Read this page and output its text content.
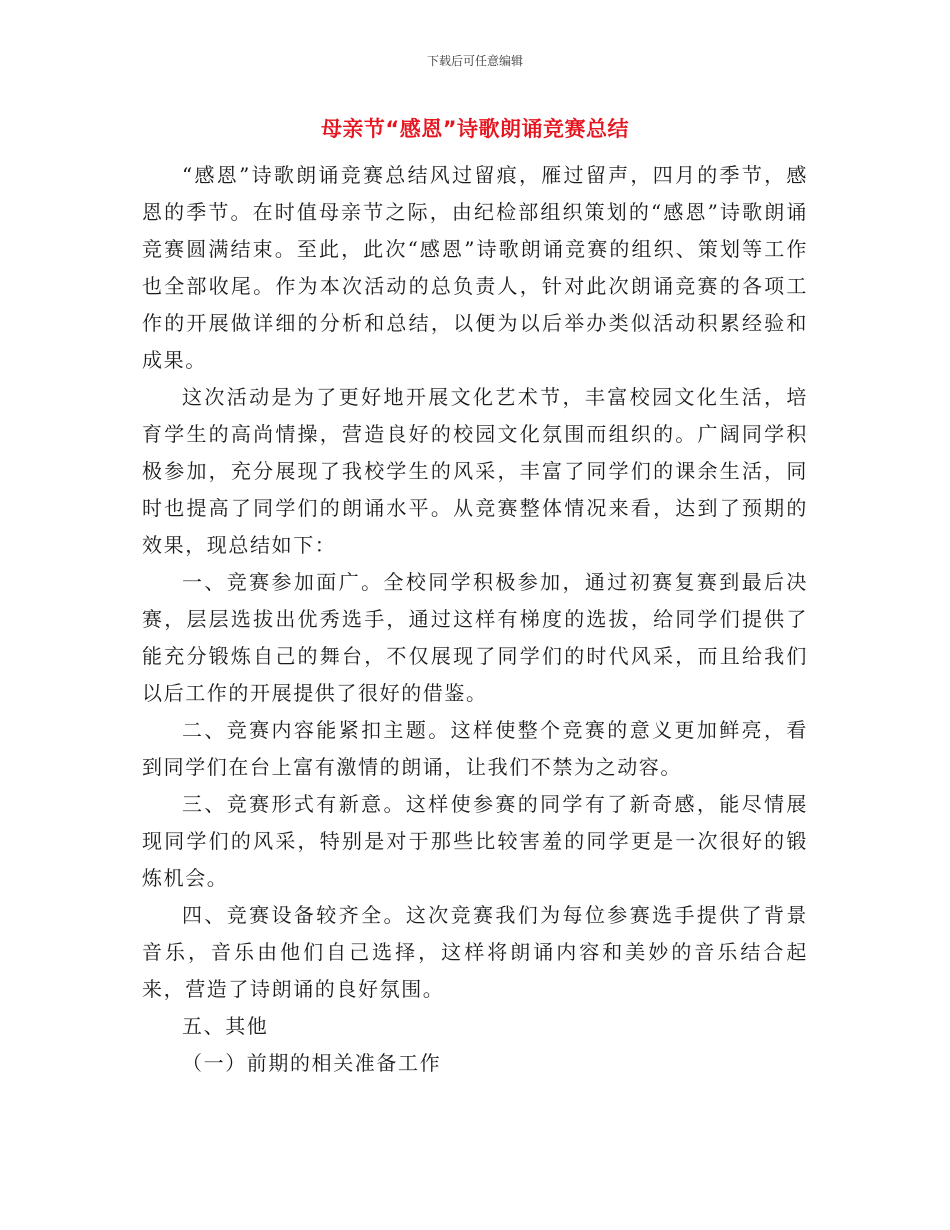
下载后可任意编辑
母亲节“感恩”诗歌朗诵竞赛总结

“感恩”诗歌朗诵竞赛总结风过留痕，雁过留声，四月的季节，感恩的季节。在时值母亲节之际，由纪检部组织策划的“感恩”诗歌朗诵竞赛圆满结束。至此，此次“感恩”诗歌朗诵竞赛的组织、策划等工作也全部收尾。作为本次活动的总负责人，针对此次朗诵竞赛的各项工作的开展做详细的分析和总结，以便为以后举办类似活动积累经验和成果。

这次活动是为了更好地开展文化艺术节，丰富校园文化生活，培育学生的高尚情操，营造良好的校园文化氛围而组织的。广阔同学积极参加，充分展现了我校学生的风采，丰富了同学们的课余生活，同时也提高了同学们的朗诵水平。从竞赛整体情况来看，达到了预期的效果，现总结如下：

一、竞赛参加面广。全校同学积极参加，通过初赛复赛到最后决赛，层层选拔出优秀选手，通过这样有梯度的选拔，给同学们提供了能充分锻炼自己的舞台，不仅展现了同学们的时代风采，而且给我们以后工作的开展提供了很好的借鉴。

二、竞赛内容能紧扣主题。这样使整个竞赛的意义更加鲜亮，看到同学们在台上富有激情的朗诵，让我们不禁为之动容。

三、竞赛形式有新意。这样使参赛的同学有了新奇感，能尽情展现同学们的风采，特别是对于那些比较害羞的同学更是一次很好的锻炼机会。

四、竞赛设备较齐全。这次竞赛我们为每位参赛选手提供了背景音乐，音乐由他们自己选择，这样将朗诵内容和美妙的音乐结合起来，营造了诗朗诵的良好氛围。

五、其他

（一）前期的相关准备工作
